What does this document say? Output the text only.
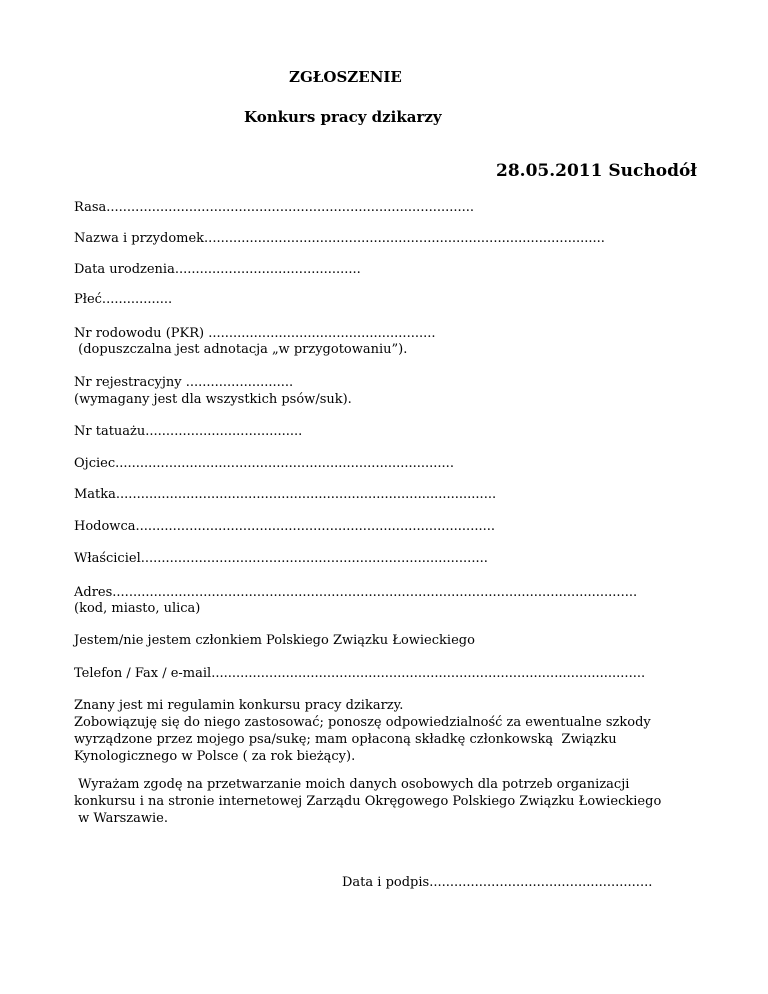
ZGŁOSZENIE
Konkurs pracy dzikarzy
28.05.2011 Suchodół
Rasa.........................................................................................
Nazwa i przydomek.................................................................................................
Data urodzenia.............................................
Płeć.................
Nr rodowodu (PKR) .......................................................
(dopuszczalna jest adnotacja „w przygotowaniu”).
Nr rejestracyjny ..........................
(wymagany jest dla wszystkich psów/suk).
Nr tatuażu......................................
Ojciec..................................................................................
Matka............................................................................................
Hodowca.......................................................................................
Właściciel....................................................................................
Adres...............................................................................................................................
(kod, miasto, ulica)
Jestem/nie jestem członkiem Polskiego Związku Łowieckiego
Telefon / Fax / e-mail.........................................................................................................
Znany jest mi regulamin konkursu pracy dzikarzy.
Zobowiązuję się do niego zastosować; ponoszę odpowiedzialność za ewentualne szkody
wyrządzone przez mojego psa/sukę; mam opłaconą składkę członkowską  Związku
Kynologicznego w Polsce ( za rok bieżący).
Wyrażam zgodę na przetwarzanie moich danych osobowych dla potrzeb organizacji
konkursu i na stronie internetowej Zarządu Okręgowego Polskiego Związku Łowieckiego
w Warszawie.
Data i podpis......................................................
